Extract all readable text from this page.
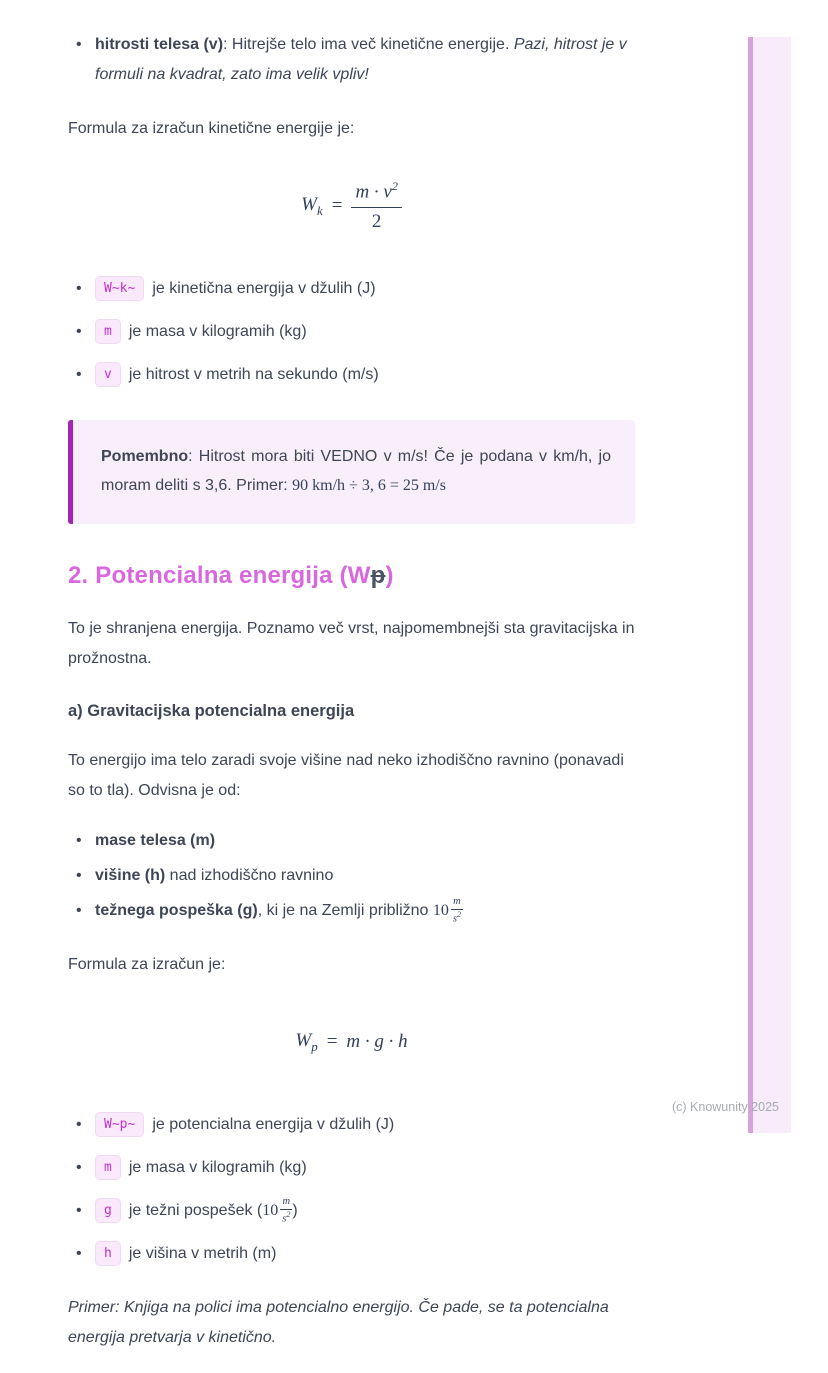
(c) Knowunity 2025
• hitrosti telesa (v): Hitrejše telo ima več kinetične energije. Pazi, hitrost je v formuli na kvadrat, zato ima velik vpliv!

Formula za izračun kinetične energije je:

$W_k = \frac{m \cdot v^2}{2}$
• W~k~ je kinetična energija v džulih (J)
• m je masa v kilogramih (kg)
• v je hitrost v metrih na sekundo (m/s)

Pomembno: Hitrost mora biti VEDNO v m/s! Če je podana v km/h, jo moram deliti s 3,6. Primer: 90 km/h ÷ 3, 6 = 25 m/s

2. Potencialna energija (Wp)

To je shranjena energija. Poznamo več vrst, najpomembnejši sta gravitacijska in prožnostna.

a) Gravitacijska potencialna energija

To energijo ima telo zaradi svoje višine nad neko izhodiščno ravnino (ponavadi so to tla). Odvisna je od:

• mase telesa (m)
• višine (h) nad izhodiščno ravnino
• težnega pospeška (g), ki je na Zemlji približno $10 \frac{m}{s^2}$

Formula za izračun je:

$W_p = m \cdot g \cdot h$
• W~p~ je potencialna energija v džulih (J)
• m je masa v kilogramih (kg)
• g je težni pospešek ($10 \frac{m}{s^2}$ )
• h je višina v metrih (m)

Primer: Knjiga na polici ima potencialno energijo. Če pade, se ta potencialna energija pretvarja v kinetično.
